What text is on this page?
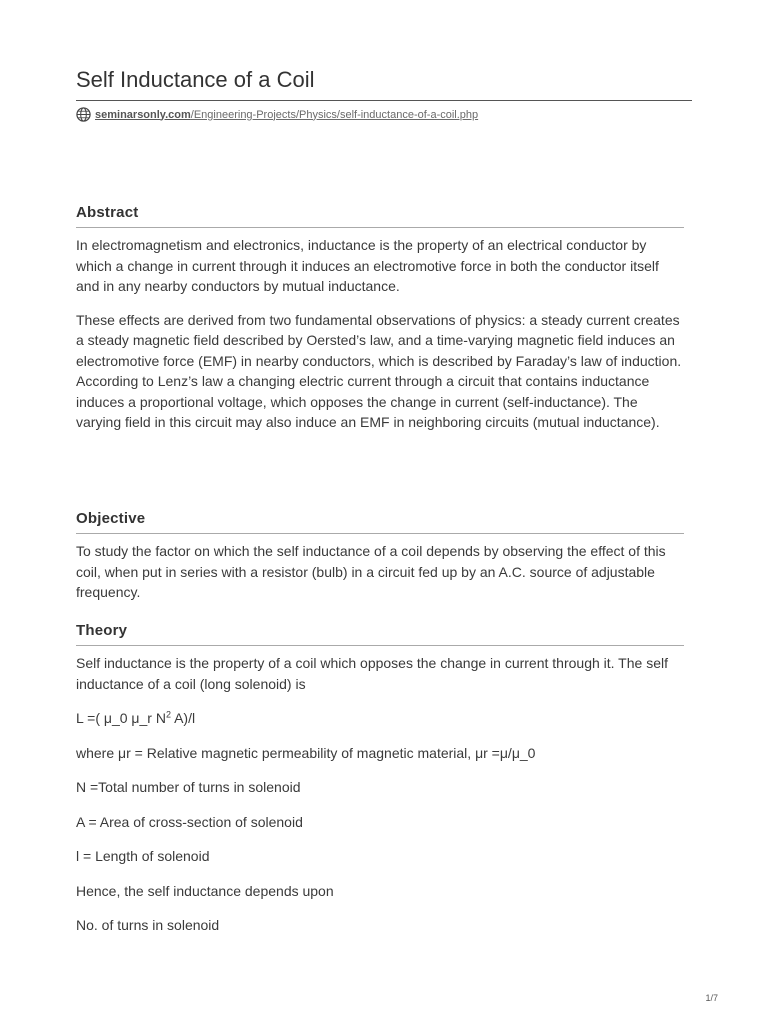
Self Inductance of a Coil
seminarsonly.com /Engineering-Projects/Physics/self-inductance-of-a-coil.php
Abstract

In electromagnetism and electronics, inductance is the property of an electrical conductor by which a change in current through it induces an electromotive force in both the conductor itself and in any nearby conductors by mutual inductance.

These effects are derived from two fundamental observations of physics: a steady current creates a steady magnetic field described by Oersted’s law, and a time-varying magnetic field induces an electromotive force (EMF) in nearby conductors, which is described by Faraday’s law of induction. According to Lenz’s law a changing electric current through a circuit that contains inductance induces a proportional voltage, which opposes the change in current (self-inductance). The varying field in this circuit may also induce an EMF in neighboring circuits (mutual inductance).

Objective

To study the factor on which the self inductance of a coil depends by observing the effect of this coil, when put in series with a resistor (bulb) in a circuit fed up by an A.C. source of adjustable frequency.

Theory

Self inductance is the property of a coil which opposes the change in current through it. The self inductance of a coil (long solenoid) is

L =( μ_0 μ_r $N^2$ A)/l

where μr = Relative magnetic permeability of magnetic material, μr =μ/μ_0

N =Total number of turns in solenoid

A = Area of cross-section of solenoid

l = Length of solenoid

Hence, the self inductance depends upon

No. of turns in solenoid

1/7
